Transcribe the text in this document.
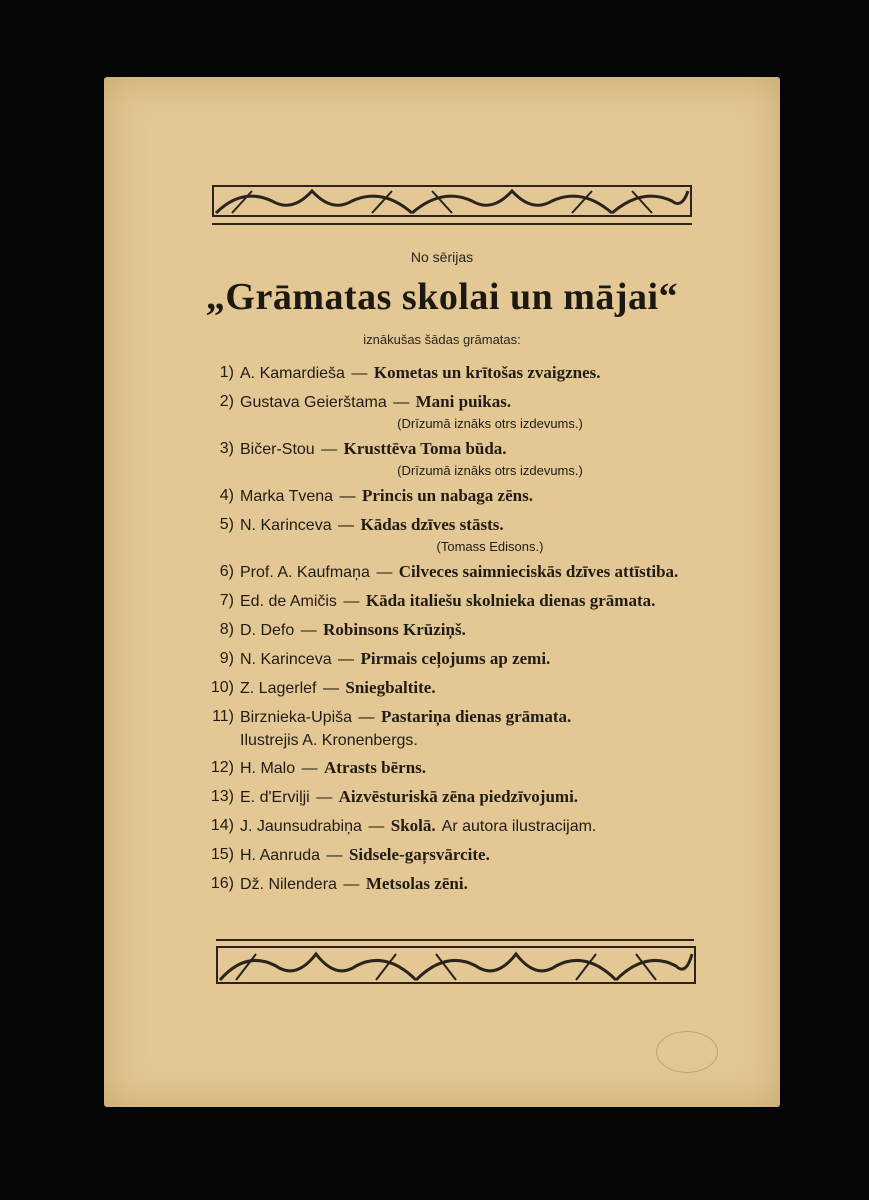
No sērijas
„Grāmatas skolai un mājai“
iznākušas šādas grāmatas:
1) A. Kamardieša — Kometas un krītošas zvaigznes.
2) Gustava Geierštama — Mani puikas.
(Drīzumā iznāks otrs izdevums.)
3) Bičer-Stou — Krusttēva Toma būda.
(Drīzumā iznāks otrs izdevums.)
4) Marka Tvena — Princis un nabaga zēns.
5) N. Karinceva — Kādas dzīves stāsts.
(Tomass Edisons.)
6) Prof. A. Kaufmaņa — Cilveces saimnieciskās dzīves attīstiba.
7) Ed. de Amičis — Kāda italiešu skolnieka dienas grāmata.
8) D. Defo — Robinsons Krūziņš.
9) N. Karinceva — Pirmais ceļojums ap zemi.
10) Z. Lagerlef — Sniegbaltite.
11) Birznieka-Upiša — Pastariņa dienas grāmata.
Ilustrejis A. Kronenbergs.
12) H. Malo — Atrasts bērns.
13) E. d'Erviļji — Aizvēsturiskā zēna piedzīvojumi.
14) J. Jaunsudrabiņa — Skolā. Ar autora ilustracijam.
15) H. Aanruda — Sidsele-gaŗsvārcite.
16) Dž. Nilendera — Metsolas zēni.
